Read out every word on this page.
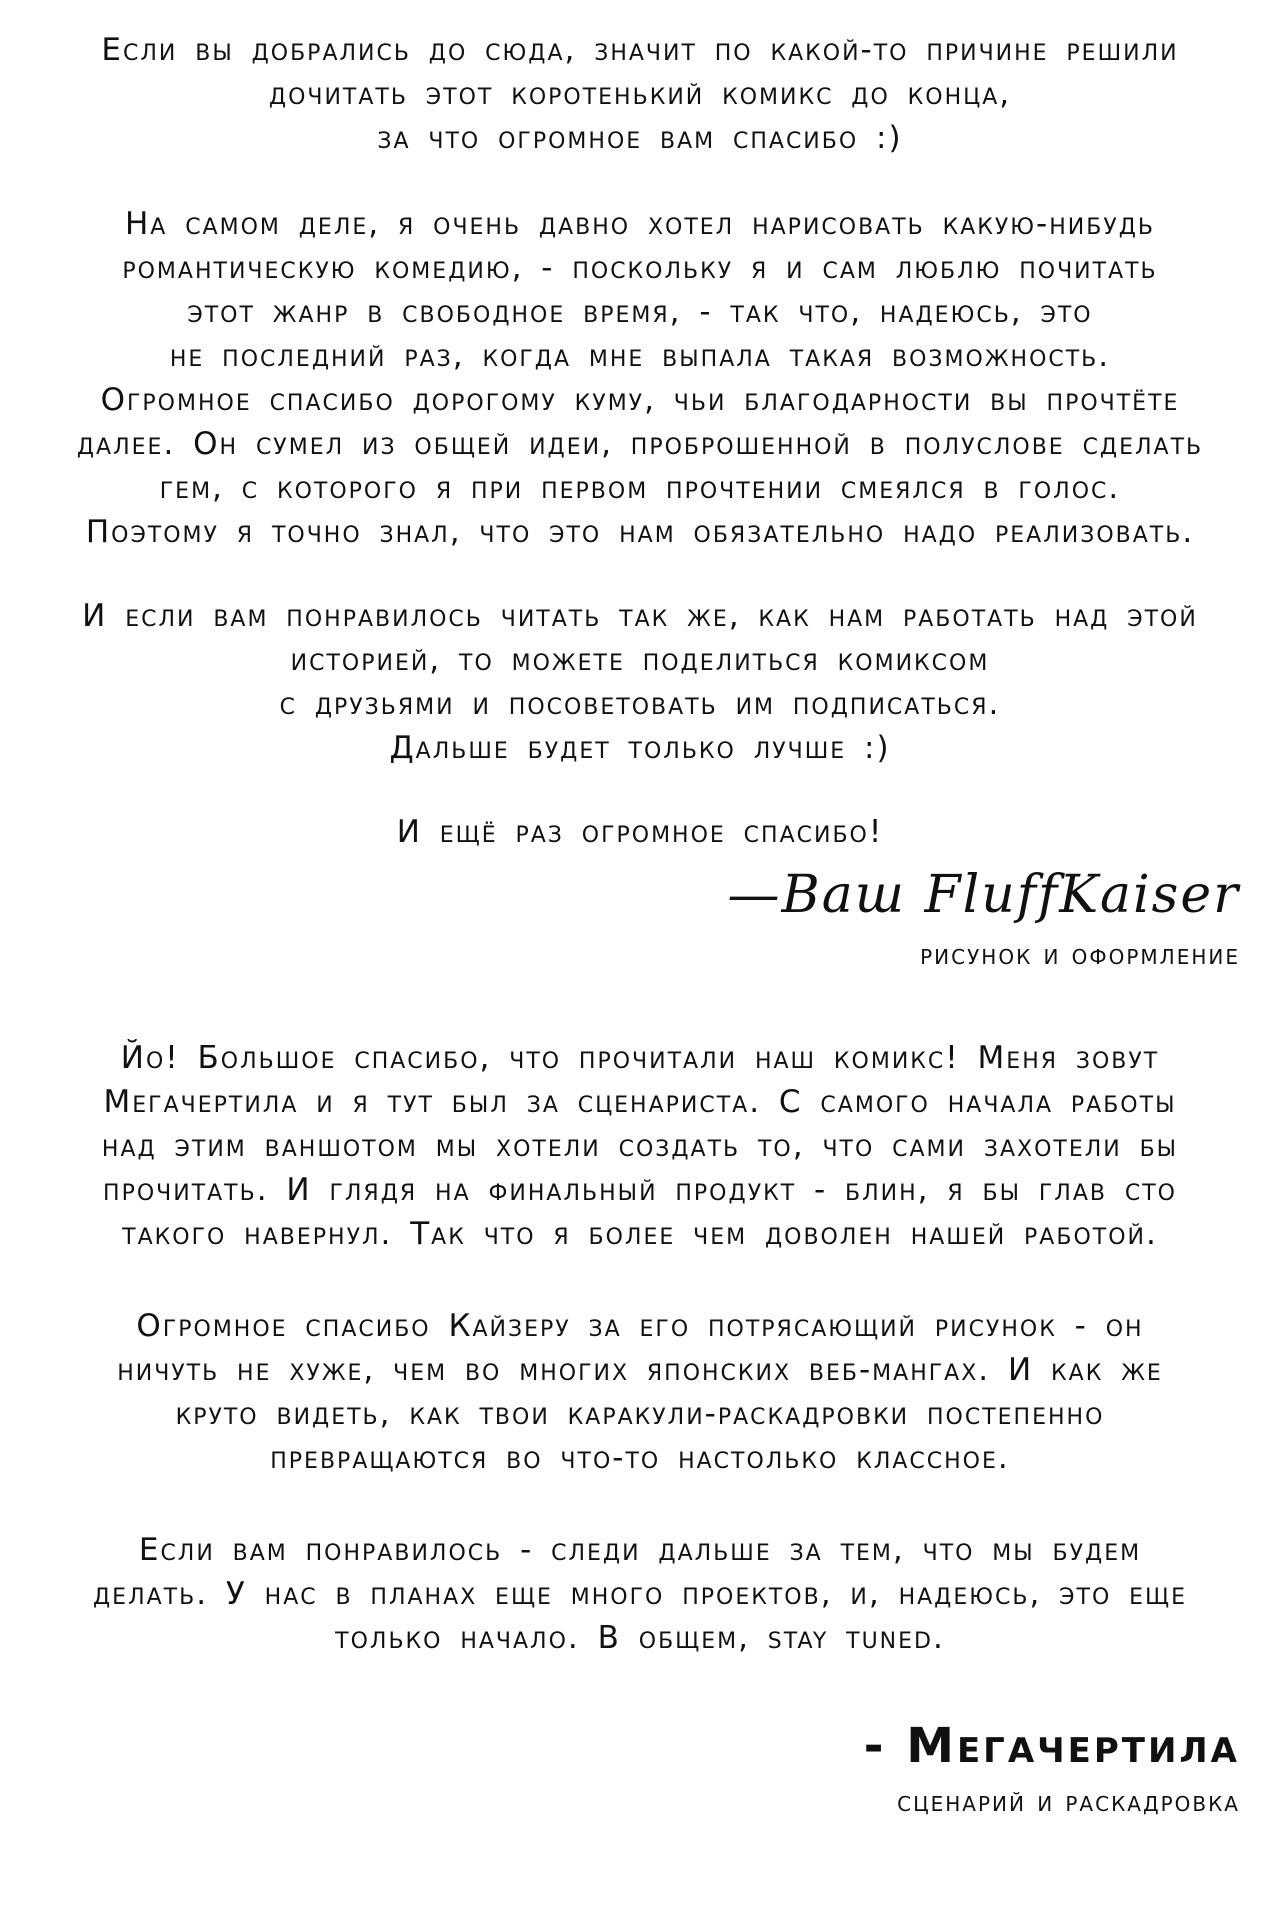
Если вы добрались до сюда, значит по какой-то причине решили
дочитать этот коротенький комикс до конца,
за что огромное вам спасибо :)
На самом деле, я очень давно хотел нарисовать какую-нибудь
романтическую комедию, - поскольку я и сам люблю почитать
этот жанр в свободное время, - так что, надеюсь, это
не последний раз, когда мне выпала такая возможность.
Огромное спасибо дорогому куму, чьи благодарности вы прочтёте
далее. Он сумел из общей идеи, проброшенной в полуслове сделать
гем, с которого я при первом прочтении смеялся в голос.
Поэтому я точно знал, что это нам обязательно надо реализовать.
И если вам понравилось читать так же, как нам работать над этой
историей, то можете поделиться комиксом
с друзьями и посоветовать им подписаться.
Дальше будет только лучше :)
И ещё раз огромное спасибо!
—Ваш FluffKaiser
рисунок и оформление
Йо! Большое спасибо, что прочитали наш комикс! Меня зовут
Мегачертила и я тут был за сценариста. С самого начала работы
над этим ваншотом мы хотели создать то, что сами захотели бы
прочитать. И глядя на финальный продукт - блин, я бы глав сто
такого навернул. Так что я более чем доволен нашей работой.
Огромное спасибо Кайзеру за его потрясающий рисунок - он
ничуть не хуже, чем во многих японских веб-мангах. И как же
круто видеть, как твои каракули-раскадровки постепенно
превращаются во что-то настолько классное.
Если вам понравилось - следи дальше за тем, что мы будем
делать. У нас в планах еще много проектов, и, надеюсь, это еще
только начало. В общем, stay tuned.
- Мегачертила
сценарий и раскадровка
